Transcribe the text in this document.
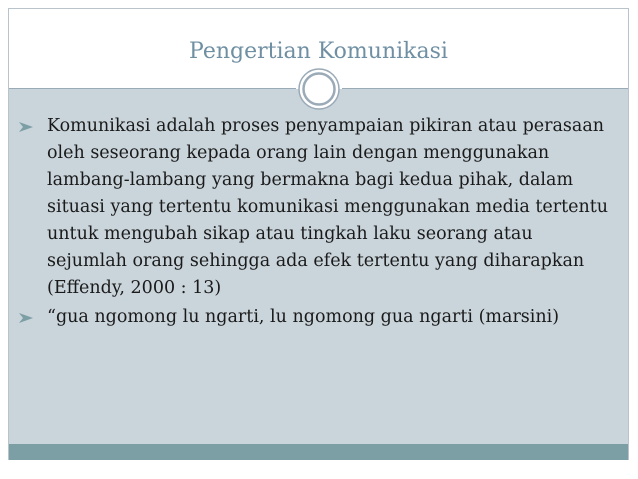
Pengertian Komunikasi
Komunikasi adalah proses penyampaian pikiran atau perasaan oleh seseorang kepada orang lain dengan menggunakan lambang-lambang yang bermakna bagi kedua pihak, dalam situasi yang tertentu komunikasi menggunakan media tertentu untuk mengubah sikap atau tingkah laku seorang atau sejumlah orang sehingga ada efek tertentu yang diharapkan (Effendy, 2000 : 13)
“gua ngomong lu ngarti, lu ngomong gua ngarti (marsini)
